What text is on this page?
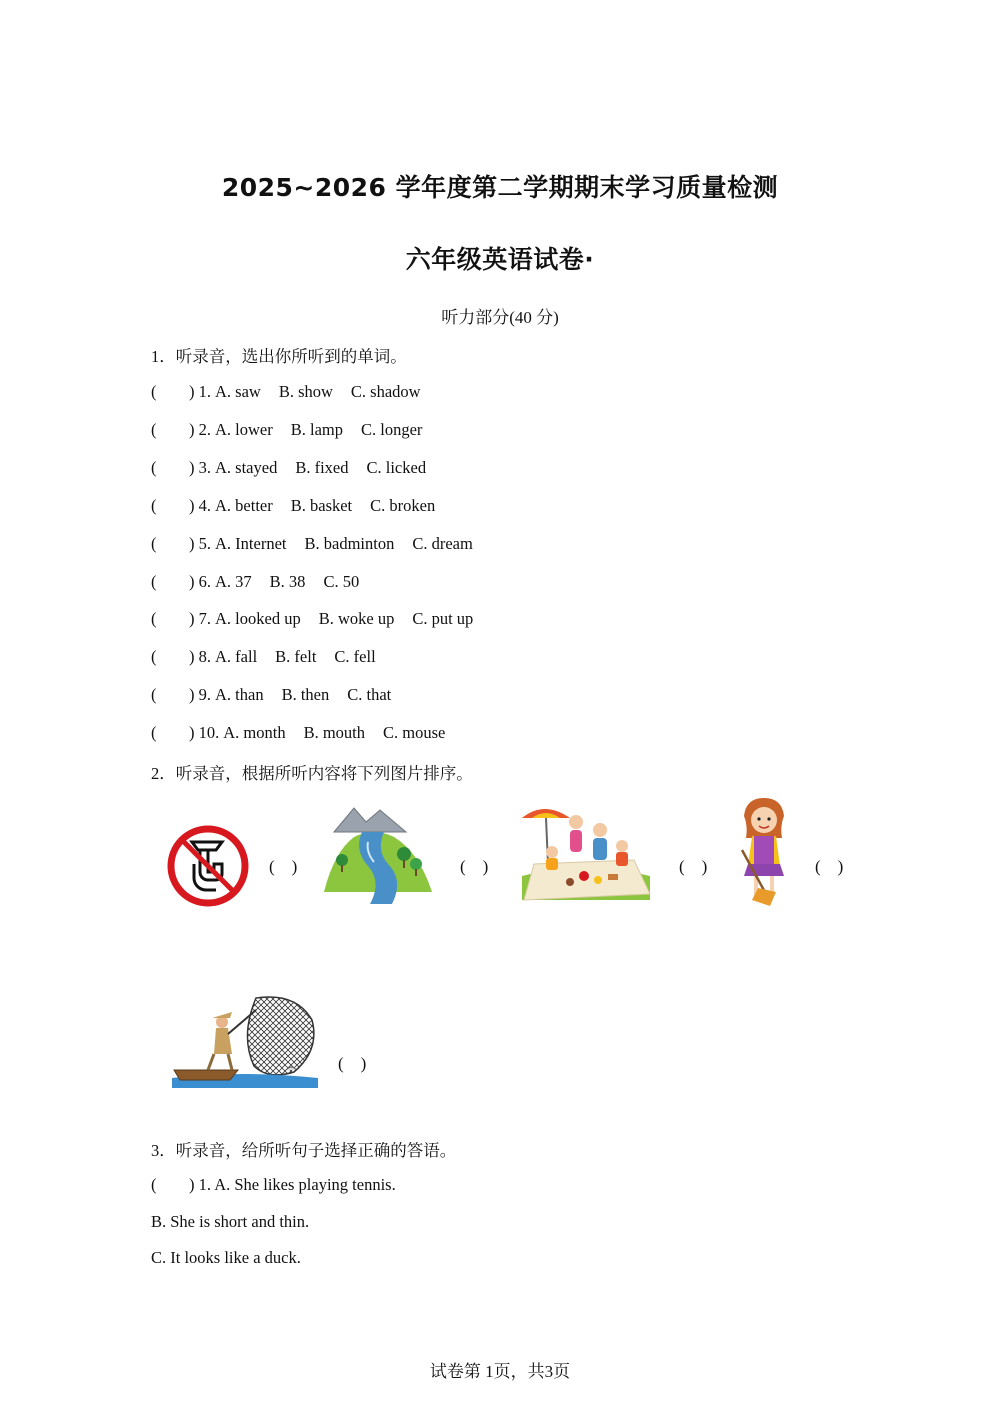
2025~2026 学年度第二学期期末学习质量检测
六年级英语试卷·
听力部分(40 分)
1．听录音，选出你所听到的单词。
( ) 1. A. saw B. show C. shadow
( ) 2. A. lower B. lamp C. longer
( ) 3. A. stayed B. fixed C. licked
( ) 4. A. better B. basket C. broken
( ) 5. A. Internet B. badminton C. dream
( ) 6. A. 37 B. 38 C. 50
( ) 7. A. looked up B. woke up C. put up
( ) 8. A. fall B. felt C. fell
( ) 9. A. than B. then C. that
( ) 10. A. month B. mouth C. mouse
2．听录音，根据所听内容将下列图片排序。
(　)	(　)	(　)	(　)
(　)
3．听录音，给所听句子选择正确的答语。
( ) 1. A. She likes playing tennis.
B. She is short and thin.
C. It looks like a duck.
试卷第 1页，共3页
